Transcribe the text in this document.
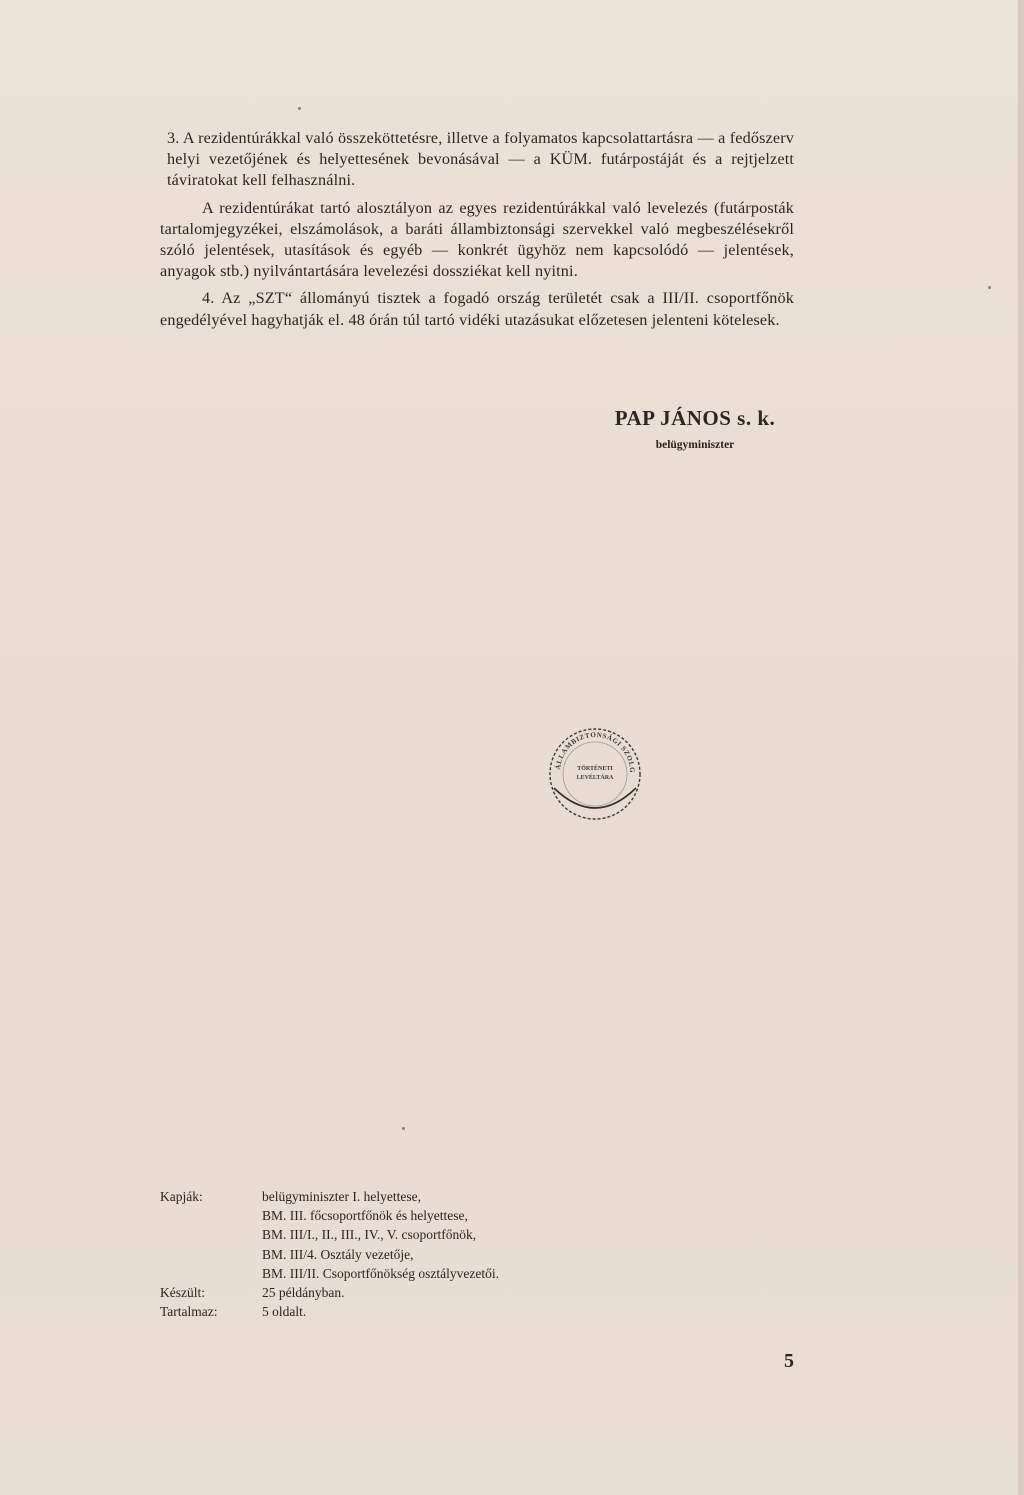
3. A rezidentúrákkal való összeköttetésre, illetve a folyamatos kapcsolattartásra — a fedőszerv helyi vezetőjének és helyettesének bevonásával — a KÜM. futárpostáját és a rejtjelzett táviratokat kell felhasználni.

A rezidentúrákat tartó alosztályon az egyes rezidentúrákkal való levelezés (futárposták tartalomjegyzékei, elszámolások, a baráti állambiztonsági szervekkel való megbeszélésekről szóló jelentések, utasítások és egyéb — konkrét ügyhöz nem kapcsolódó — jelentések, anyagok stb.) nyilvántartására levelezési dossziékat kell nyitni.

4. Az „SZT“ állományú tisztek a fogadó ország területét csak a III/II. csoportfőnök engedélyével hagyhatják el. 48 órán túl tartó vidéki utazásukat előzetesen jelenteni kötelesek.

PAP JÁNOS s. k.
belügyminiszter
ÁLLAMBIZTONSÁGI SZOLG
TÖRTÉNETI
LEVÉLTÁRA
Kapják:	belügyminiszter I. helyettese,
BM. III. főcsoportfőnök és helyettese,
BM. III/I., II., III., IV., V. csoportfőnök,
BM. III/4. Osztály vezetője,
BM. III/II. Csoportfőnökség osztályvezetői.
Készült:	25 példányban.
Tartalmaz:	5 oldalt.
5
